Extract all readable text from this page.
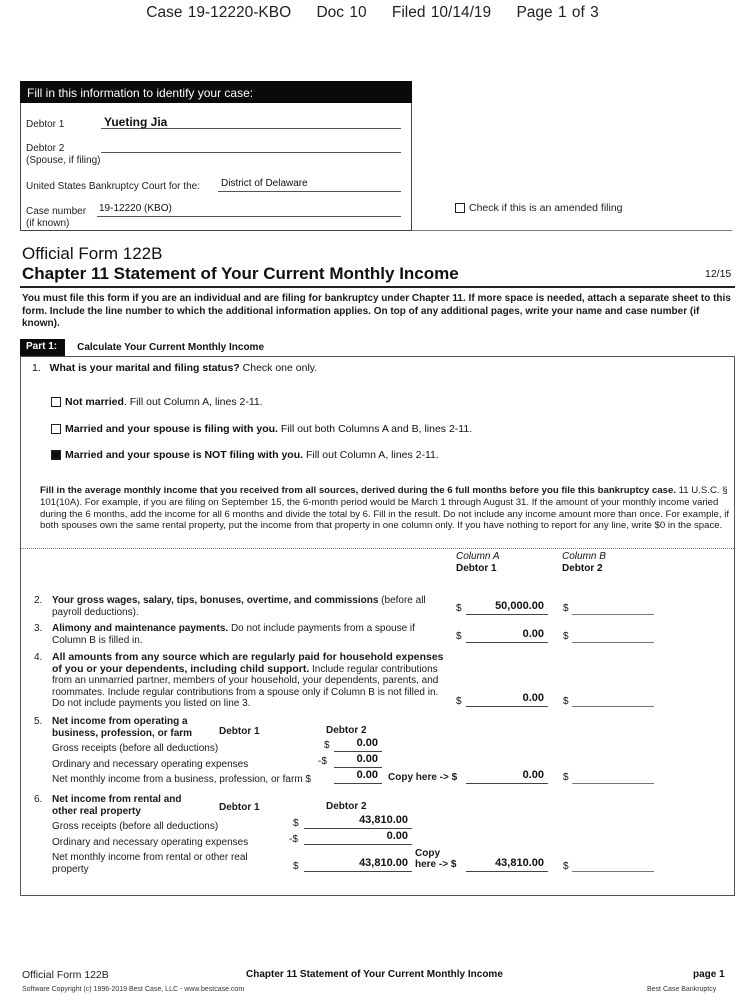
Case 19-12220-KBO Doc 10 Filed 10/14/19 Page 1 of 3
Fill in this information to identify your case:
Debtor 1	Yueting Jia
Debtor 2
(Spouse, if filing)
United States Bankruptcy Court for the:	District of Delaware
Case number
(if known)
19-12220 (KBO)	Check if this is an amended filing
Official Form 122B
Chapter 11 Statement of Your Current Monthly Income	12/15
You must file this form if you are an individual and are filing for bankruptcy under Chapter 11. If more space is needed, attach a separate sheet to this form. Include the line number to which the additional information applies. On top of any additional pages, write your name and case number (if known).
Part 1:	Calculate Your Current Monthly Income
1. What is your marital and filing status? Check one only.
Not married. Fill out Column A, lines 2-11.
Married and your spouse is filing with you. Fill out both Columns A and B, lines 2-11.
Married and your spouse is NOT filing with you. Fill out Column A, lines 2-11.
Fill in the average monthly income that you received from all sources, derived during the 6 full months before you file this bankruptcy case. 11 U.S.C. § 101(10A). For example, if you are filing on September 15, the 6-month period would be March 1 through August 31. If the amount of your monthly income varied during the 6 months, add the income for all 6 months and divide the total by 6. Fill in the result. Do not include any income amount more than once. For example, if both spouses own the same rental property, put the income from that property in one column only. If you have nothing to report for any line, write $0 in the space.
Column A
Debtor 1
Column B
Debtor 2
2. Your gross wages, salary, tips, bonuses, overtime, and commissions (before all payroll deductions).	$	50,000.00	$
3. Alimony and maintenance payments. Do not include payments from a spouse if Column B is filled in.	$	0.00	$
4. All amounts from any source which are regularly paid for household expenses of you or your dependents, including child support. Include regular contributions from an unmarried partner, members of your household, your dependents, parents, and roommates. Include regular contributions from a spouse only if Column B is not filled in. Do not include payments you listed on line 3.	$	0.00	$
5. Net income from operating a
business, profession, or farm	Debtor 1	Debtor 2
Gross receipts (before all deductions)	$	0.00
Ordinary and necessary operating expenses	-$	0.00
Net monthly income from a business, profession, or farm $	0.00	Copy here -> $	0.00	$
6. Net income from rental and
other real property	Debtor 1	Debtor 2
Gross receipts (before all deductions)	$	43,810.00
Ordinary and necessary operating expenses	-$	0.00
Net monthly income from rental or other real property	$	43,810.00
Copy
here -> $	43,810.00	$
Official Form 122B	Chapter 11 Statement of Your Current Monthly Income	page 1
Software Copyright (c) 1996-2019 Best Case, LLC - www.bestcase.com	Best Case Bankruptcy
